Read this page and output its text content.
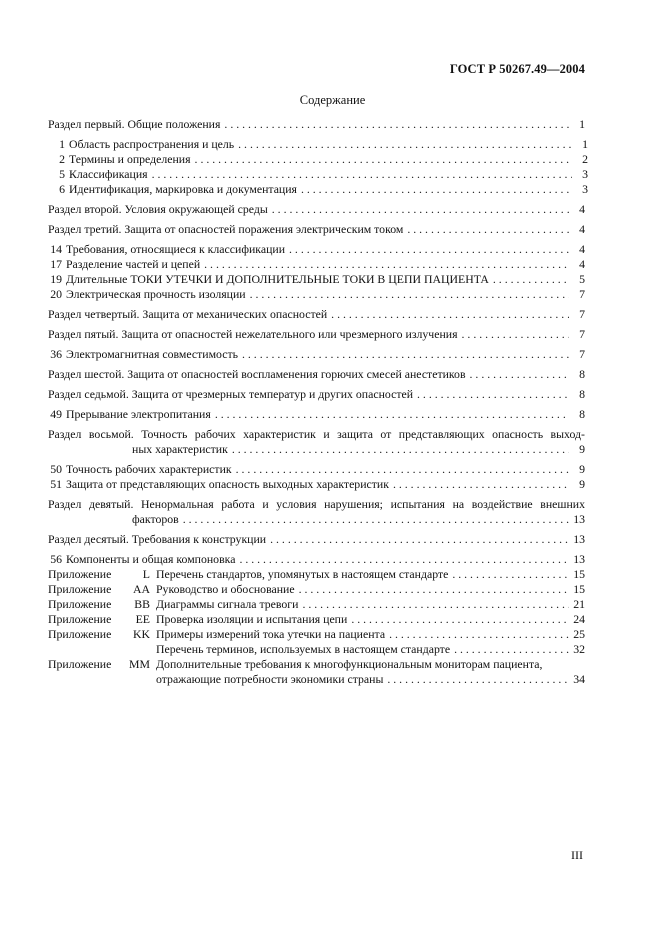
ГОСТ Р 50267.49—2004
Содержание
Раздел первый. Общие положения . . .	1
1 Область распространения и цель . . .	1
2 Термины и определения . . .	2
5 Классификация . . .	3
6 Идентификация, маркировка и документация . . .	3
Раздел второй. Условия окружающей среды . . .	4
Раздел третий. Защита от опасностей поражения электрическим током . . .	4
14 Требования, относящиеся к классификации . . .	4
17 Разделение частей и цепей . . .	4
19 Длительные ТОКИ УТЕЧКИ И ДОПОЛНИТЕЛЬНЫЕ ТОКИ В ЦЕПИ ПАЦИЕНТА . . .	5
20 Электрическая прочность изоляции . . .	7
Раздел четвертый. Защита от механических опасностей . . .	7
Раздел пятый. Защита от опасностей нежелательного или чрезмерного излучения . . .	7
36 Электромагнитная совместимость . . .	7
Раздел шестой. Защита от опасностей воспламенения горючих смесей анестетиков . . .	8
Раздел седьмой. Защита от чрезмерных температур и других опасностей . . .	8
49 Прерывание электропитания . . .	8
Раздел восьмой. Точность рабочих характеристик и защита от представляющих опасность выход-
ных характеристик . . .	9
50 Точность рабочих характеристик . . .	9
51 Защита от представляющих опасность выходных характеристик . . .	9
Раздел девятый. Ненормальная работа и условия нарушения; испытания на воздействие внешних
факторов . . .	13
Раздел десятый. Требования к конструкции . . .	13
56 Компоненты и общая компоновка . . .	13
Приложение	L Перечень стандартов, упомянутых в настоящем стандарте . . .	15
Приложение	AA Руководство и обоснование . . .	15
Приложение	BB Диаграммы сигнала тревоги . . .	21
Приложение	EE Проверка изоляции и испытания цепи . . .	24
Приложение	KK Примеры измерений тока утечки на пациента . . .	25
Перечень терминов, используемых в настоящем стандарте . . .	32
Приложение	MM Дополнительные требования к многофункциональным мониторам пациента,
отражающие потребности экономики страны . . .	34
III
